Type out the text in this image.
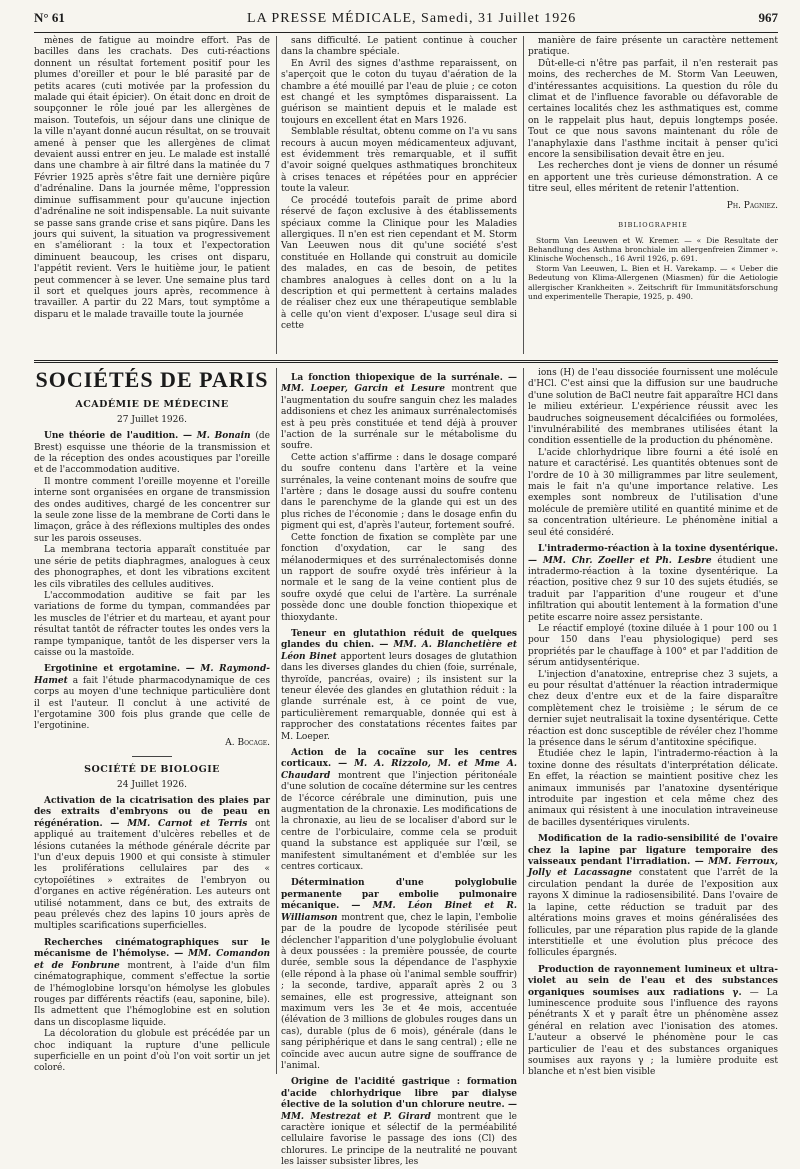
N° 61	LA PRESSE MÉDICALE, Samedi, 31 Juillet 1926	967

mènes de fatigue au moindre effort. Pas de bacilles dans les crachats. Des cuti-réactions donnent un résultat fortement positif pour les plumes d'oreiller et pour le blé parasité par de petits acares (cuti motivée par la profession du malade qui était épicier). On était donc en droit de soupçonner le rôle joué par les allergènes de maison. Toutefois, un séjour dans une clinique de la ville n'ayant donné aucun résultat, on se trouvait amené à penser que les allergènes de climat devaient aussi entrer en jeu. Le malade est installé dans une chambre à air filtré dans la matinée du 7 Février 1925 après s'être fait une dernière piqûre d'adrénaline. Dans la journée même, l'oppression diminue suffisamment pour qu'aucune injection d'adrénaline ne soit indispensable. La nuit suivante se passe sans grande crise et sans piqûre. Dans les jours qui suivent, la situation va progressivement en s'améliorant : la toux et l'expectoration diminuent beaucoup, les crises ont disparu, l'appétit revient. Vers le huitième jour, le patient peut commencer à se lever. Une semaine plus tard il sort et quelques jours après, recommence à travailler. A partir du 22 Mars, tout symptôme a disparu et le malade travaille toute la journée

sans difficulté. Le patient continue à coucher dans la chambre spéciale.

En Avril des signes d'asthme reparaissent, on s'aperçoit que le coton du tuyau d'aération de la chambre a été mouillé par l'eau de pluie ; ce coton est changé et les symptômes disparaissent. La guérison se maintient depuis et le malade est toujours en excellent état en Mars 1926.

Semblable résultat, obtenu comme on l'a vu sans recours à aucun moyen médicamenteux adjuvant, est évidemment très remarquable, et il suffit d'avoir soigné quelques asthmatiques bronchiteux à crises tenaces et répétées pour en apprécier toute la valeur.

Ce procédé toutefois paraît de prime abord réservé de façon exclusive à des établissements spéciaux comme la Clinique pour les Maladies allergiques. Il n'en est rien cependant et M. Storm Van Leeuwen nous dit qu'une société s'est constituée en Hollande qui construit au domicile des malades, en cas de besoin, de petites chambres analogues à celles dont on a lu la description et qui permettent à certains malades de réaliser chez eux une thérapeutique semblable à celle qu'on vient d'exposer. L'usage seul dira si cette

manière de faire présente un caractère nettement pratique.

Dût-elle-ci n'être pas parfait, il n'en resterait pas moins, des recherches de M. Storm Van Leeuwen, d'intéressantes acquisitions. La question du rôle du climat et de l'influence favorable ou défavorable de certaines localités chez les asthmatiques est, comme on le rappelait plus haut, depuis longtemps posée. Tout ce que nous savons maintenant du rôle de l'anaphylaxie dans l'asthme incitait à penser qu'ici encore la sensibilisation devait être en jeu.

Les recherches dont je viens de donner un résumé en apportent une très curieuse démonstration. A ce titre seul, elles méritent de retenir l'attention.

Ph. Pagniez.
BIBLIOGRAPHIE
Storm Van Leeuwen et W. Kremer. — « Die Resultate der Behandlung des Asthma bronchiale im allergenfreien Zimmer ». Klinische Wochensch., 16 Avril 1926, p. 691.
Storm Van Leeuwen, L. Bien et H. Varekamp. — « Ueber die Bedeutung von Klima-Allergenen (Miasmen) für die Aetiologie allergischer Krankheiten ». Zeitschrift für Immunitätsforschung und experimentelle Therapie, 1925, p. 490.
SOCIÉTÉS DE PARIS
ACADÉMIE DE MÉDECINE
27 Juillet 1926.

Une théorie de l'audition. — M. Bonain (de Brest) esquisse une théorie de la transmission et de la réception des ondes acoustiques par l'oreille et de l'accommodation auditive.

Il montre comment l'oreille moyenne et l'oreille interne sont organisées en organe de transmission des ondes auditives, chargé de les concentrer sur la seule zone lisse de la membrane de Corti dans le limaçon, grâce à des réflexions multiples des ondes sur les parois osseuses.

La membrana tectoria apparaît constituée par une série de petits diaphragmes, analogues à ceux des phonographes, et dont les vibrations excitent les cils vibratiles des cellules auditives.

L'accommodation auditive se fait par les variations de forme du tympan, commandées par les muscles de l'étrier et du marteau, et ayant pour résultat tantôt de réfracter toutes les ondes vers la rampe tympanique, tantôt de les disperser vers la caisse ou la mastoïde.

Ergotinine et ergotamine. — M. Raymond-Hamet a fait l'étude pharmacodynamique de ces corps au moyen d'une technique particulière dont il est l'auteur. Il conclut à une activité de l'ergotamine 300 fois plus grande que celle de l'ergotinine.

A. Bocage.
SOCIÉTÉ DE BIOLOGIE
24 Juillet 1926.

Activation de la cicatrisation des plaies par des extraits d'embryons ou de peau en régénération. — MM. Carnot et Terris ont appliqué au traitement d'ulcères rebelles et de lésions cutanées la méthode générale décrite par l'un d'eux depuis 1900 et qui consiste à stimuler les proliférations cellulaires par des « cytopoïétines » extraites de l'embryon ou d'organes en active régénération. Les auteurs ont utilisé notamment, dans ce but, des extraits de peau prélevés chez des lapins 10 jours après de multiples scarifications superficielles.

Recherches cinématographiques sur le mécanisme de l'hémolyse. — MM. Comandon et de Fonbrune montrent, à l'aide d'un film cinématographique, comment s'effectue la sortie de l'hémoglobine lorsqu'on hémolyse les globules rouges par différents réactifs (eau, saponine, bile). Ils admettent que l'hémoglobine est en solution dans un discoplasme liquide.

La décoloration du globule est précédée par un choc indiquant la rupture d'une pellicule superficielle en un point d'où l'on voit sortir un jet coloré.

La fonction thiopexique de la surrénale. — MM. Loeper, Garcin et Lesure montrent que l'augmentation du soufre sanguin chez les malades addisoniens et chez les animaux surrénalectomisés est à peu près constituée et tend déjà à prouver l'action de la surrénale sur le métabolisme du soufre.

Cette action s'affirme : dans le dosage comparé du soufre contenu dans l'artère et la veine surrénales, la veine contenant moins de soufre que l'artère ; dans le dosage aussi du soufre contenu dans le parenchyme de la glande qui est un des plus riches de l'économie ; dans le dosage enfin du pigment qui est, d'après l'auteur, fortement soufré.

Cette fonction de fixation se complète par une fonction d'oxydation, car le sang des mélanodermiques et des surrénalectomisés donne un rapport de soufre oxydé très inférieur à la normale et le sang de la veine contient plus de soufre oxydé que celui de l'artère. La surrénale possède donc une double fonction thiopexique et thioxydante.

Teneur en glutathion réduit de quelques glandes du chien. — MM. A. Blanchetière et Léon Binet apportent leurs dosages de glutathion dans les diverses glandes du chien (foie, surrénale, thyroïde, pancréas, ovaire) ; ils insistent sur la teneur élevée des glandes en glutathion réduit : la glande surrénale est, à ce point de vue, particulièrement remarquable, donnée qui est à rapprocher des constatations récentes faites par M. Loeper.

Action de la cocaïne sur les centres corticaux. — M. A. Rizzolo, M. et Mme A. Chaudard montrent que l'injection péritonéale d'une solution de cocaïne détermine sur les centres de l'écorce cérébrale une diminution, puis une augmentation de la chronaxie. Les modifications de la chronaxie, au lieu de se localiser d'abord sur le centre de l'orbiculaire, comme cela se produit quand la substance est appliquée sur l'œil, se manifestent simultanément et d'emblée sur les centres corticaux.

Détermination d'une polyglobulie permanente par embolie pulmonaire mécanique. — MM. Léon Binet et R. Williamson montrent que, chez le lapin, l'embolie par de la poudre de lycopode stérilisée peut déclencher l'apparition d'une polyglobulie évoluant à deux poussées : la première poussée, de courte durée, semble sous la dépendance de l'asphyxie (elle répond à la phase où l'animal semble souffrir) ; la seconde, tardive, apparaît après 2 ou 3 semaines, elle est progressive, atteignant son maximum vers les 3e et 4e mois, accentuée (élévation de 3 millions de globules rouges dans un cas), durable (plus de 6 mois), générale (dans le sang périphérique et dans le sang central) ; elle ne coïncide avec aucun autre signe de souffrance de l'animal.

Origine de l'acidité gastrique : formation d'acide chlorhydrique libre par dialyse élective de la solution d'un chlorure neutre. — MM. Mestrezat et P. Girard montrent que le caractère ionique et sélectif de la perméabilité cellulaire favorise le passage des ions (Cl) des chlorures. Le principe de la neutralité ne pouvant les laisser subsister libres, les

ions (H) de l'eau dissociée fournissent une molécule d'HCl. C'est ainsi que la diffusion sur une baudruche d'une solution de BaCl neutre fait apparaître HCl dans le milieu extérieur. L'expérience réussit avec les baudruches soigneusement décalcifiées ou formolées, l'invulnérabilité des membranes utilisées étant la condition essentielle de la production du phénomène.

L'acide chlorhydrique libre fourni a été isolé en nature et caractérisé. Les quantités obtenues sont de l'ordre de 10 à 30 milligrammes par litre seulement, mais le fait n'a qu'une importance relative. Les exemples sont nombreux de l'utilisation d'une molécule de première utilité en quantité minime et de sa concentration ultérieure. Le phénomène initial a seul été considéré.

L'intradermo-réaction à la toxine dysentérique. — MM. Chr. Zoeller et Ph. Lesbre étudient une intradermo-réaction à la toxine dysentérique. La réaction, positive chez 9 sur 10 des sujets étudiés, se traduit par l'apparition d'une rougeur et d'une infiltration qui aboutit lentement à la formation d'une petite escarre noire assez persistante.

Le réactif employé (toxine diluée à 1 pour 100 ou 1 pour 150 dans l'eau physiologique) perd ses propriétés par le chauffage à 100° et par l'addition de sérum antidysentérique.

L'injection d'anatoxine, entreprise chez 3 sujets, a eu pour résultat d'atténuer la réaction intradermique chez deux d'entre eux et de la faire disparaître complètement chez le troisième ; le sérum de ce dernier sujet neutralisait la toxine dysentérique. Cette réaction est donc susceptible de révéler chez l'homme la présence dans le sérum d'antitoxine spécifique.

Étudiée chez le lapin, l'intradermo-réaction à la toxine donne des résultats d'interprétation délicate. En effet, la réaction se maintient positive chez les animaux immunisés par l'anatoxine dysentérique introduite par ingestion et cela même chez des animaux qui résistent à une inoculation intraveineuse de bacilles dysentériques virulents.

Modification de la radio-sensibilité de l'ovaire chez la lapine par ligature temporaire des vaisseaux pendant l'irradiation. — MM. Ferroux, Jolly et Lacassagne constatent que l'arrêt de la circulation pendant la durée de l'exposition aux rayons X diminue la radiosensibilité. Dans l'ovaire de la lapine, cette réduction se traduit par des altérations moins graves et moins généralisées des follicules, par une réparation plus rapide de la glande interstitielle et une évolution plus précoce des follicules épargnés.

Production de rayonnement lumineux et ultra-violet au sein de l'eau et des substances organiques soumises aux radiations γ. — La luminescence produite sous l'influence des rayons pénétrants X et γ paraît être un phénomène assez général en relation avec l'ionisation des atomes. L'auteur a observé le phénomène pour le cas particulier de l'eau et des substances organiques soumises aux rayons γ ; la lumière produite est blanche et n'est bien visible
